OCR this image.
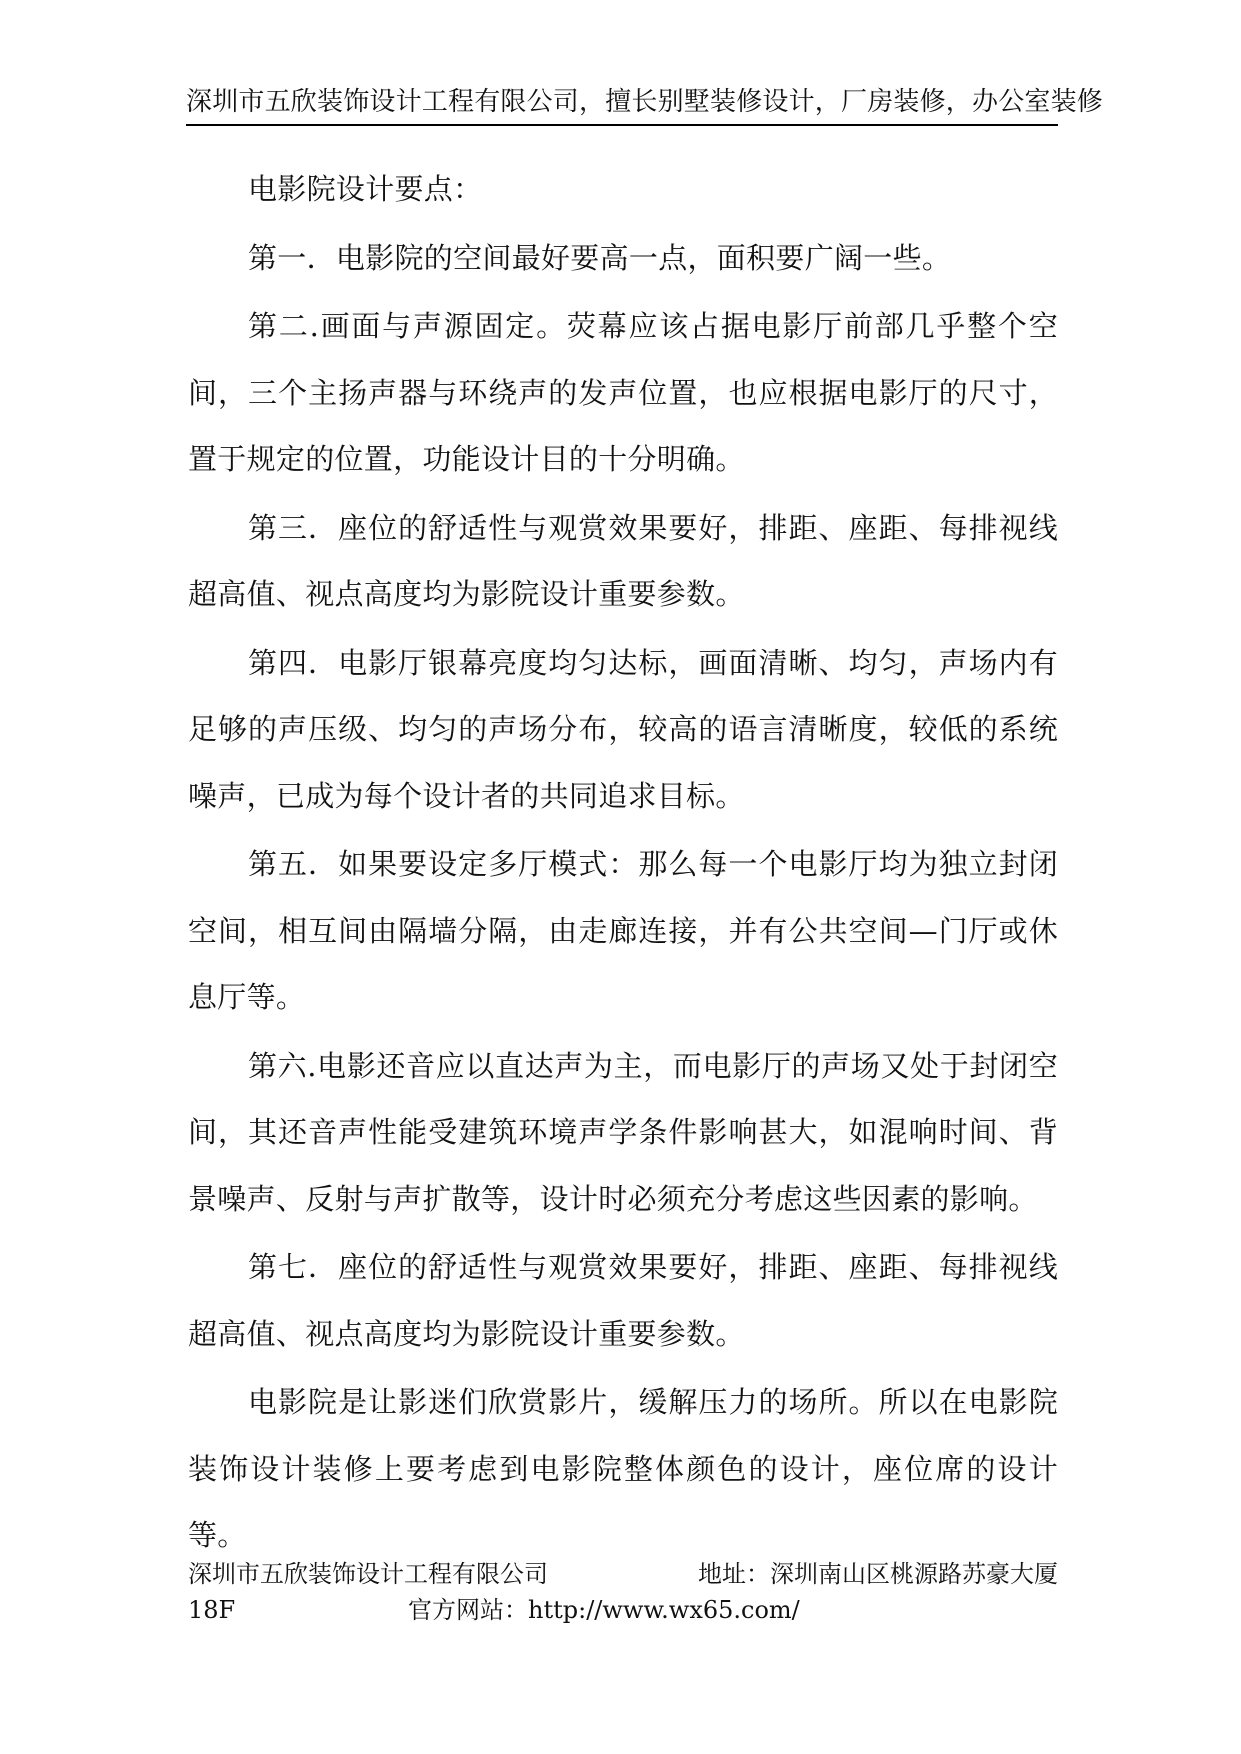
深圳市五欣装饰设计工程有限公司，擅长别墅装修设计，厂房装修，办公室装修

电影院设计要点：

第一．电影院的空间最好要高一点，面积要广阔一些。

第二.画面与声源固定。荧幕应该占据电影厅前部几乎整个空间，三个主扬声器与环绕声的发声位置，也应根据电影厅的尺寸，置于规定的位置，功能设计目的十分明确。

第三．座位的舒适性与观赏效果要好，排距、座距、每排视线超高值、视点高度均为影院设计重要参数。

第四．电影厅银幕亮度均匀达标，画面清晰、均匀，声场内有足够的声压级、均匀的声场分布，较高的语言清晰度，较低的系统噪声，已成为每个设计者的共同追求目标。

第五．如果要设定多厅模式：那么每一个电影厅均为独立封闭空间，相互间由隔墙分隔，由走廊连接，并有公共空间—门厅或休息厅等。

第六.电影还音应以直达声为主，而电影厅的声场又处于封闭空间，其还音声性能受建筑环境声学条件影响甚大，如混响时间、背景噪声、反射与声扩散等，设计时必须充分考虑这些因素的影响。

第七．座位的舒适性与观赏效果要好，排距、座距、每排视线超高值、视点高度均为影院设计重要参数。

电影院是让影迷们欣赏影片，缓解压力的场所。所以在电影院装饰设计装修上要考虑到电影院整体颜色的设计，座位席的设计等。

深圳市五欣装饰设计工程有限公司	地址：深圳南山区桃源路苏豪大厦
18F	官方网站：http://www.wx65.com/
